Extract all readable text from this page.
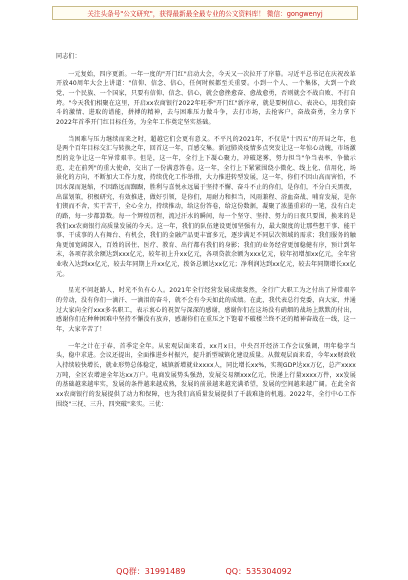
关注头条号"公文研究"，获得最新最全最专业的公文资料库！ 微信：gongwenyj

同志们：

一元复始，四序更新。一年一度的"开门红"启动大会，今天又一次拉开了序幕。习近平总书记在庆祝改革开放40周年大会上讲道："信仰、信念、信心，任何时候都至关重要。小到一个人、一个集体，大到一个政党、一个民族、一个国家，只要有信仰、信念、信心，就会愈挫愈奋、愈战愈勇，否则就会不战自败、不打自垮。"今天我们相聚在这里，开启xx农商银行2022年旺季"开门红"新序章，就是要树信心、表决心，用我们奋斗的激情、进取的谱能，拼搏的精神，去与困难压力做斗争，去打市场，去抢客户，奋战奋勇，全力拿下2022年首季开门红目标任务，为全年工作奠定坚实基础。

当困难与压力继续而来之时，超越它们会更有意义。不平凡的2021年，不仅是"十四五"的开局之年，也是两个百年目标交汇与转换之年，回首这一年，百感交集。新冠肺炎疫情多点突发让这一年惊心动魄，市场激烈的竞争让这一年异常艰辛。但是，这一年，全行上下凝心聚力，冲破迷雾，努力担当"争当表率、争做示范、走在前列"的重大使命，交出了一份满意答卷。这一年，全行上下紧紧围绕小微化、线上化、信用化，场景化的方向，不断加大工作力度，持续优化工作举措，大力推进转型发展，这一年，你们不因山高而害怕，不因水深而退缩，不因路远而踟蹰，胜利与喜悦永远属于坚持不懈、奋斗不止的你们，是你们，不分白天黑夜，出谋划策，积极研究，有效推进，做好引领，是你们，用耐力和担当，风雨兼程、浴血奋战、哺育发展，是你们锲而不舍，实干苦干，全心全力，持续推动，给这份答卷，给这份数据，凝聚了浓墨重彩的一笔，没有白走的路，每一步都算数。每一个辉煌历程，流过汗水的瞬间，每一个坚守、坚持、努力的日夜只要围，换来的是我们xx农商银行高质量发展的今天。这一年，我们的队伍建设更加坚强有力，最大限度的让那些想干事、能干事、干成事的人有舞台、有机会，我们的金融产品更丰富多元，逐步满足不同层次领域的需求；我们服务的触角更加宽阔深入，百姓的居住、医疗、教育、出行都有我们的身影；我们的业务经营更加稳健有序，预计到年末，各项存款余额达到xxx亿元，较年初上升xx亿元，各项贷款余额为xxx亿元，较年初增加xx亿元，全年营业收入达到xx亿元，较去年同期上升xx亿元，拨备总额达xx亿元；净利润达到xx亿元，较去年同期增长xx亿元。

星光不问赶路人，时光不负有心人。2021年全行经营发展成绩斐然，全行广大职工为之付出了异常艰辛的劳动，没有你们一滴汗、一滴泪的奋斗，就不会有今天如此的成绩。在此，我代表总行党委，向大家，并通过大家向全行xxx多名职工，表示衷心的祝贺与深深的感谢，感谢你们在这场没有硝烟的战场上默默的付出，感谢你们在种种困难中坚持不懈没有放弃，感谢你们在重压之下饱着不破楼兰终不还的精神奋战在一线，这一年，大家辛苦了！

一年之计在于春，首季定全年。从宏观层面来看，xx月x日，中央召开经济工作会议强调，明年稳字当头，稳中求进。会议还提出，全面推进乡村振兴，提升新型城镇化建设质量。从微观层面来看，今年xx财政收入持续较快增长，就业形势总体稳定，城镇新增就业xxxx人，同比增长xx%，实现GDP达xx万亿，总产xxxx万吨，全区农增速全年达xx万户。电商发展势头强劲，发展交易额xxx亿元，快递上行量xxxx万件，xx发展的基础越来越牢实，发展的条件越来越成熟，发展的前景越来越充满希望，发展的空间越来越广阔。在此全省xx农商银行的发展提供了动力和保障，也为我们高质量发展提供了千载难逢的机遇。2022年，全行中心工作围绕"三抚、三升、四突破"来实。三优：

QQ群：31991489	QQ：535304092
